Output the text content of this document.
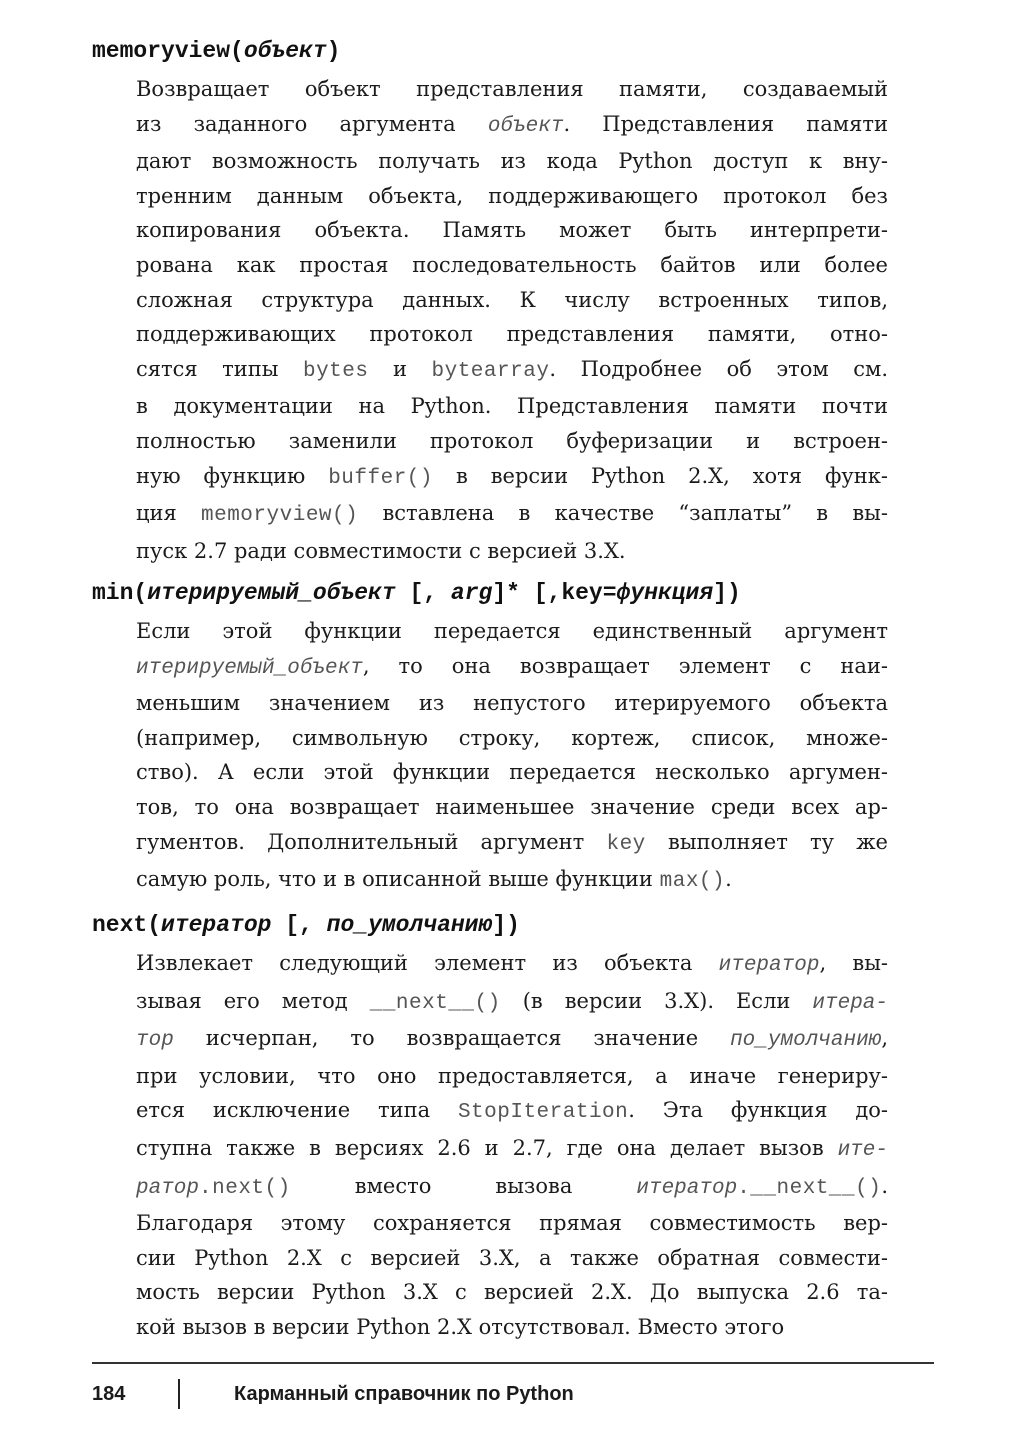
memoryview(объект)
Возвращает объект представления памяти, создаваемый
из заданного аргумента объект. Представления памяти
дают возможность получать из кода Python доступ к вну-
тренним данным объекта, поддерживающего протокол без
копирования объекта. Память может быть интерпрети-
рована как простая последовательность байтов или более
сложная структура данных. К числу встроенных типов,
поддерживающих протокол представления памяти, отно-
сятся типы bytes и bytearray. Подробнее об этом см.
в документации на Python. Представления памяти почти
полностью заменили протокол буферизации и встроен-
ную функцию buffer() в версии Python 2.X, хотя функ-
ция memoryview() вставлена в качестве “заплаты” в вы-
пуск 2.7 ради совместимости с версией 3.X.
min(итерируемый_объект [, arg]* [,key=функция])
Если этой функции передается единственный аргумент
итерируемый_объект, то она возвращает элемент с наи-
меньшим значением из непустого итерируемого объекта
(например, символьную строку, кортеж, список, множе-
ство). А если этой функции передается несколько аргумен-
тов, то она возвращает наименьшее значение среди всех ар-
гументов. Дополнительный аргумент key выполняет ту же
самую роль, что и в описанной выше функции max().
next(итератор [, по_умолчанию])
Извлекает следующий элемент из объекта итератор, вы-
зывая его метод __next__() (в версии 3.X). Если итера-
тор исчерпан, то возвращается значение по_умолчанию,
при условии, что оно предоставляется, а иначе генериру-
ется исключение типа StopIteration. Эта функция до-
ступна также в версиях 2.6 и 2.7, где она делает вызов ите-
ратор.next() вместо вызова итератор.__next__().
Благодаря этому сохраняется прямая совместимость вер-
сии Python 2.X с версией 3.X, а также обратная совмести-
мость версии Python 3.X с версией 2.X. До выпуска 2.6 та-
кой вызов в версии Python 2.X отсутствовал. Вместо этого
184	Карманный справочник по Python
